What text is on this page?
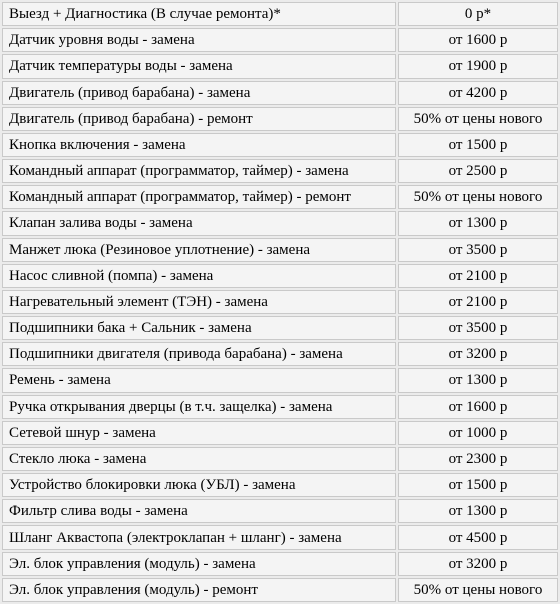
Выезд + Диагностика (В случае ремонта)*	0 р*
Датчик уровня воды - замена	от 1600 р
Датчик температуры воды - замена	от 1900 р
Двигатель (привод барабана) - замена	от 4200 р
Двигатель (привод барабана) - ремонт	50% от цены нового
Кнопка включения - замена	от 1500 р
Командный аппарат (программатор, таймер) - замена	от 2500 р
Командный аппарат (программатор, таймер) - ремонт	50% от цены нового
Клапан залива воды - замена	от 1300 р
Манжет люка (Резиновое уплотнение) - замена	от 3500 р
Насос сливной (помпа) - замена	от 2100 р
Нагревательный элемент (ТЭН) - замена	от 2100 р
Подшипники бака + Сальник - замена	от 3500 р
Подшипники двигателя (привода барабана) - замена	от 3200 р
Ремень - замена	от 1300 р
Ручка открывания дверцы (в т.ч. защелка) - замена	от 1600 р
Сетевой шнур - замена	от 1000 р
Стекло люка - замена	от 2300 р
Устройство блокировки люка (УБЛ) - замена	от 1500 р
Фильтр слива воды - замена	от 1300 р
Шланг Аквастопа (электроклапан + шланг) - замена	от 4500 р
Эл. блок управления (модуль) - замена	от 3200 р
Эл. блок управления (модуль) - ремонт	50% от цены нового
